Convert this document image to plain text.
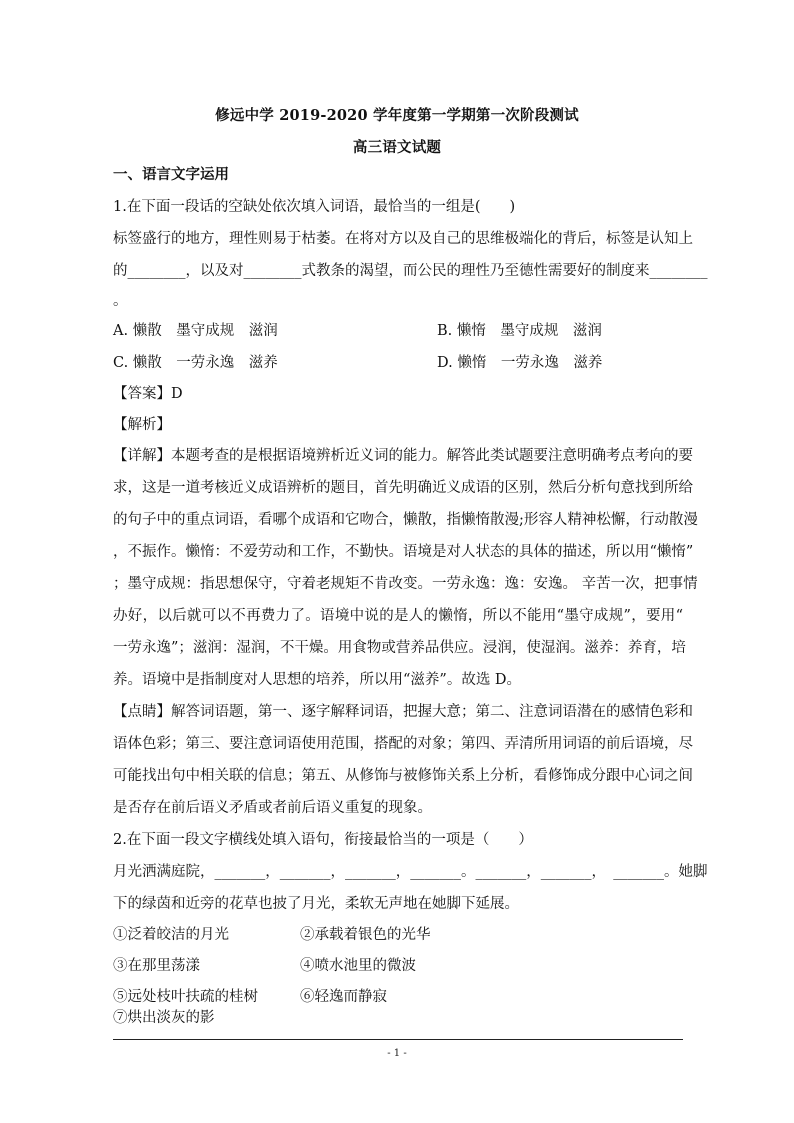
修远中学 2019-2020 学年度第一学期第一次阶段测试
高三语文试题
一、语言文字运用
1.在下面一段话的空缺处依次填入词语，最恰当的一组是(　　)
标签盛行的地方，理性则易于枯萎。在将对方以及自己的思维极端化的背后，标签是认知上
的________，以及对________式教条的渴望，而公民的理性乃至德性需要好的制度来________
。
A. 懒散　墨守成规　滋润	B. 懒惰　墨守成规　滋润
C. 懒散　一劳永逸　滋养	D. 懒惰　一劳永逸　滋养
【答案】D
【解析】
【详解】本题考查的是根据语境辨析近义词的能力。解答此类试题要注意明确考点考向的要
求，这是一道考核近义成语辨析的题目，首先明确近义成语的区别，然后分析句意找到所给
的句子中的重点词语，看哪个成语和它吻合，懒散，指懒惰散漫;形容人精神松懈，行动散漫
，不振作。懒惰：不爱劳动和工作，不勤快。语境是对人状态的具体的描述，所以用“懒惰”
；墨守成规：指思想保守，守着老规矩不肯改变。一劳永逸：逸：安逸。 辛苦一次，把事情
办好，以后就可以不再费力了。语境中说的是人的懒惰，所以不能用“墨守成规”，要用“
一劳永逸”；滋润：湿润，不干燥。用食物或营养品供应。浸润，使湿润。滋养：养育，培
养。语境中是指制度对人思想的培养，所以用“滋养”。故选 D。
【点睛】解答词语题，第一、逐字解释词语，把握大意；第二、注意词语潜在的感情色彩和
语体色彩；第三、要注意词语使用范围，搭配的对象；第四、弄清所用词语的前后语境，尽
可能找出句中相关联的信息；第五、从修饰与被修饰关系上分析，看修饰成分跟中心词之间
是否存在前后语义矛盾或者前后语义重复的现象。
2.在下面一段文字横线处填入语句，衔接最恰当的一项是（　　）
月光洒满庭院，_______，_______，_______，_______。_______，_______，　_______。她脚
下的绿茵和近旁的花草也披了月光，柔软无声地在她脚下延展。
①泛着皎洁的月光	②承载着银色的光华
③在那里荡漾	④喷水池里的微波
⑤远处枝叶扶疏的桂树	⑥轻逸而静寂
⑦烘出淡灰的影
- 1 -
